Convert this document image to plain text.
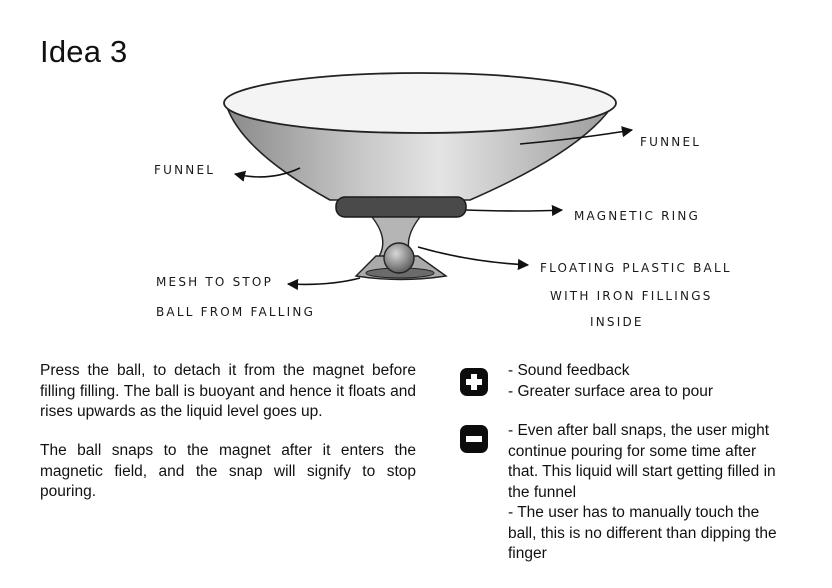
Idea 3
FUNNEL
FUNNEL
MAGNETIC RING
FLOATING PLASTIC BALL
WITH IRON FILLINGS
INSIDE
MESH TO STOP
BALL FROM FALLING

Press the ball, to detach it from the magnet before filling filling. The ball is buoyant and hence it floats and rises upwards as the liquid level goes up.

The ball snaps to the magnet after it enters the magnetic field, and the snap will signify to stop pouring.

- Sound feedback
- Greater surface area to pour
- Even after ball snaps, the user might continue pouring for some time after that. This liquid will start getting filled in the funnel
- The user has to manually touch the ball, this is no different than dipping the finger
